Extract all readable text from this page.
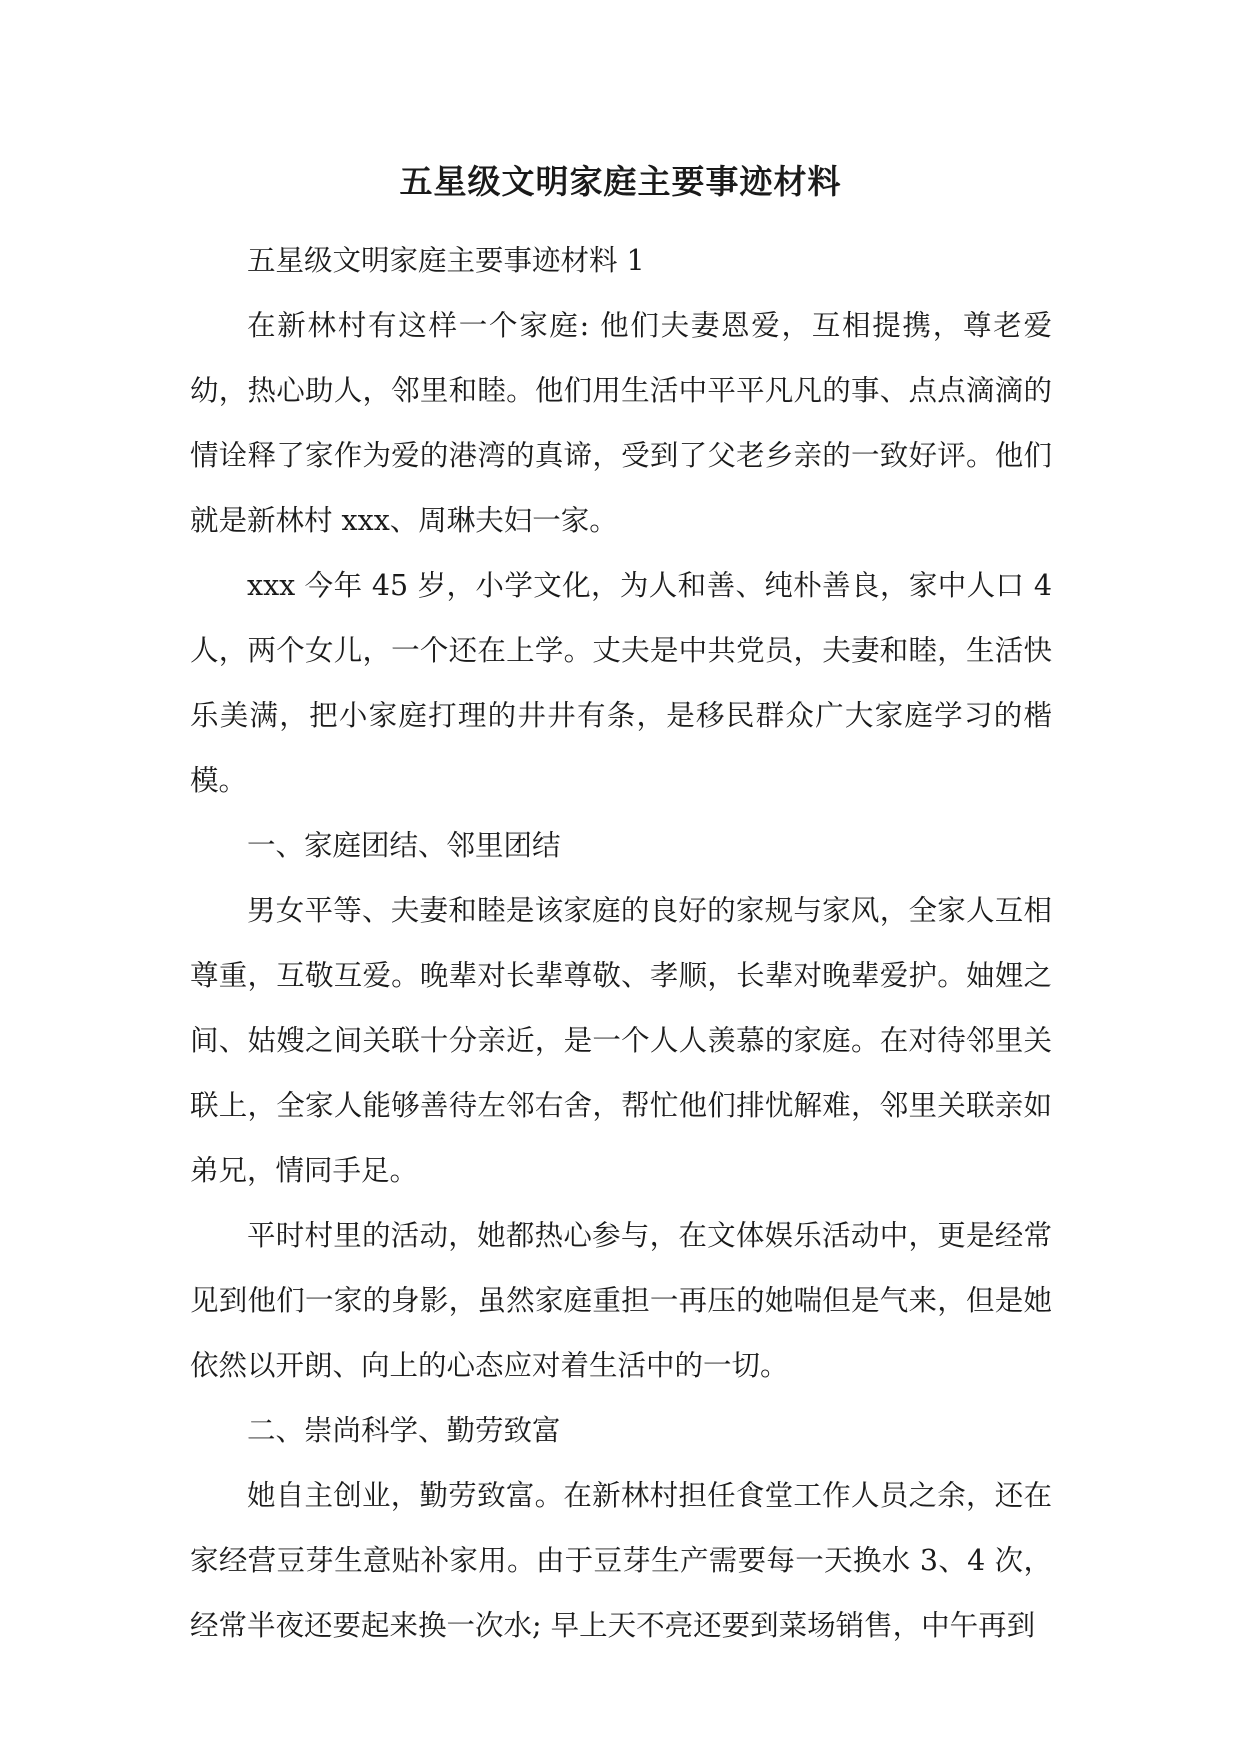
五星级文明家庭主要事迹材料

五星级文明家庭主要事迹材料 1

在新林村有这样一个家庭: 他们夫妻恩爱，互相提携，尊老爱幼，热心助人，邻里和睦。他们用生活中平平凡凡的事、点点滴滴的情诠释了家作为爱的港湾的真谛，受到了父老乡亲的一致好评。他们就是新林村 xxx、周琳夫妇一家。

xxx 今年 45 岁，小学文化，为人和善、纯朴善良，家中人口 4 人，两个女儿，一个还在上学。丈夫是中共党员，夫妻和睦，生活快乐美满，把小家庭打理的井井有条，是移民群众广大家庭学习的楷模。

一、家庭团结、邻里团结

男女平等、夫妻和睦是该家庭的良好的家规与家风，全家人互相尊重，互敬互爱。晚辈对长辈尊敬、孝顺，长辈对晚辈爱护。妯娌之间、姑嫂之间关联十分亲近，是一个人人羡慕的家庭。在对待邻里关联上，全家人能够善待左邻右舍，帮忙他们排忧解难，邻里关联亲如弟兄，情同手足。

平时村里的活动，她都热心参与，在文体娱乐活动中，更是经常见到他们一家的身影，虽然家庭重担一再压的她喘但是气来，但是她依然以开朗、向上的心态应对着生活中的一切。

二、崇尚科学、勤劳致富

她自主创业，勤劳致富。在新林村担任食堂工作人员之余，还在家经营豆芽生意贴补家用。由于豆芽生产需要每一天换水 3、4 次，经常半夜还要起来换一次水; 早上天不亮还要到菜场销售，中午再到
